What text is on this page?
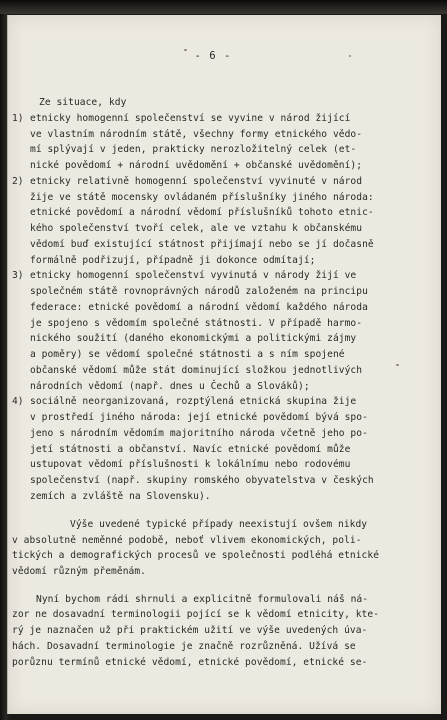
- 6 -
Ze situace, kdy
1) etnicky homogenní společenství se vyvine v národ žijící
ve vlastním národním státě, všechny formy etnického vědo-
mí splývají v jeden, prakticky nerozložitelný celek (et-
nické povědomí + národní uvědomění + občanské uvědomění);
2) etnicky relativně homogenní společenství vyvinuté v národ
žije ve státě mocensky ovládaném příslušníky jiného národa:
etnické povědomí a národní vědomí příslušníků tohoto etnic-
kého společenství tvoří celek, ale ve vztahu k občanskému
vědomí buď existující státnost přijímají nebo se jí dočasně
formálně podřizují, případně ji dokonce odmítají;
3) etnicky homogenní společenství vyvinutá v národy žijí ve
společném státě rovnoprávných národů založeném na principu
federace: etnické povědomí a národní vědomí každého národa
je spojeno s vědomím společné státnosti. V případě harmo-
nického soužití (daného ekonomickými a politickými zájmy
a poměry) se vědomí společné státnosti a s ním spojené
občanské vědomí může stát dominující složkou jednotlivých
národních vědomí (např. dnes u Čechů a Slováků);
4) sociálně neorganizovaná, rozptýlená etnická skupina žije
v prostředí jiného národa: její etnické povědomí bývá spo-
jeno s národním vědomím majoritního národa včetně jeho po-
jetí státnosti a občanství. Navíc etnické povědomí může
ustupovat vědomí příslušnosti k lokálnímu nebo rodovému
společenství (např. skupiny romského obyvatelstva v českých
zemích a zvláště na Slovensku).
Výše uvedené typické případy neexistují ovšem nikdy
v absolutně neměnné podobě, neboť vlivem ekonomických, poli-
tických a demografických procesů ve společnosti podléhá etnické
vědomí různým přeměnám.
Nyní bychom rádi shrnuli a explicitně formulovali náš ná-
zor ne dosavadní terminologii pojící se k vědomí etnicity, kte-
rý je naznačen už při praktickém užití ve výše uvedených úva-
hách. Dosavadní terminologie je značně rozrůzněná. Užívá se
porůznu termínů etnické vědomí, etnické povědomí, etnické se-
